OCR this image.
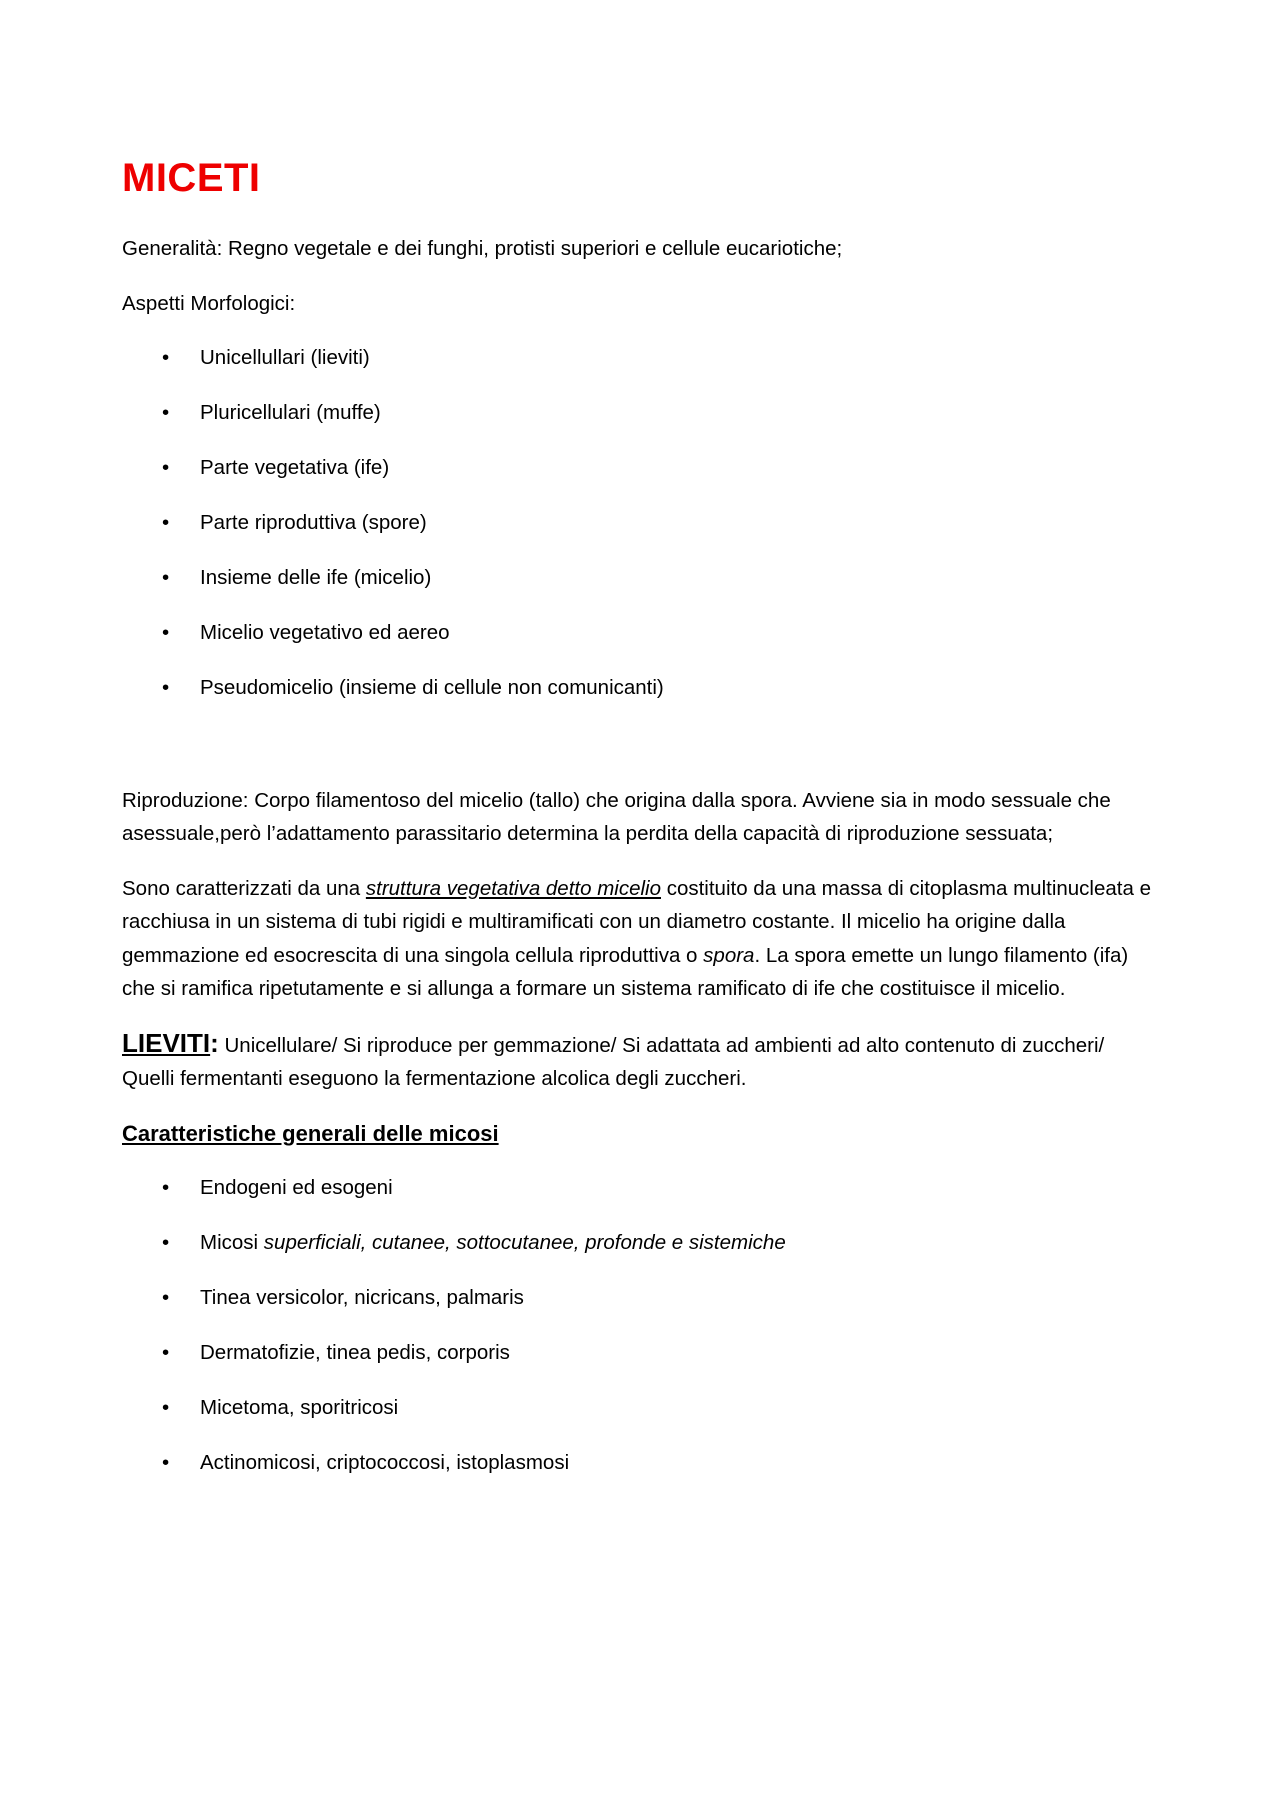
MICETI

Generalità: Regno vegetale e dei funghi, protisti superiori e cellule eucariotiche;

Aspetti Morfologici:

• Unicellullari (lieviti)
• Pluricellulari (muffe)
• Parte vegetativa (ife)
• Parte riproduttiva (spore)
• Insieme delle ife (micelio)
• Micelio vegetativo ed aereo
• Pseudomicelio (insieme di cellule non comunicanti)

Riproduzione: Corpo filamentoso del micelio (tallo) che origina dalla spora. Avviene sia in modo sessuale che asessuale,però l’adattamento parassitario determina la perdita della capacità di riproduzione sessuata;

Sono caratterizzati da una struttura vegetativa detto micelio costituito da una massa di citoplasma multinucleata e racchiusa in un sistema di tubi rigidi e multiramificati con un diametro costante. Il micelio ha origine dalla gemmazione ed esocrescita di una singola cellula riproduttiva o spora. La spora emette un lungo filamento (ifa) che si ramifica ripetutamente e si allunga a formare un sistema ramificato di ife che costituisce il micelio.

LIEVITI: Unicellulare/ Si riproduce per gemmazione/ Si adattata ad ambienti ad alto contenuto di zuccheri/ Quelli fermentanti eseguono la fermentazione alcolica degli zuccheri.

Caratteristiche generali delle micosi

• Endogeni ed esogeni
• Micosi superficiali, cutanee, sottocutanee, profonde e sistemiche
• Tinea versicolor, nicricans, palmaris
• Dermatofizie, tinea pedis, corporis
• Micetoma, sporitricosi
• Actinomicosi, criptococcosi, istoplasmosi
